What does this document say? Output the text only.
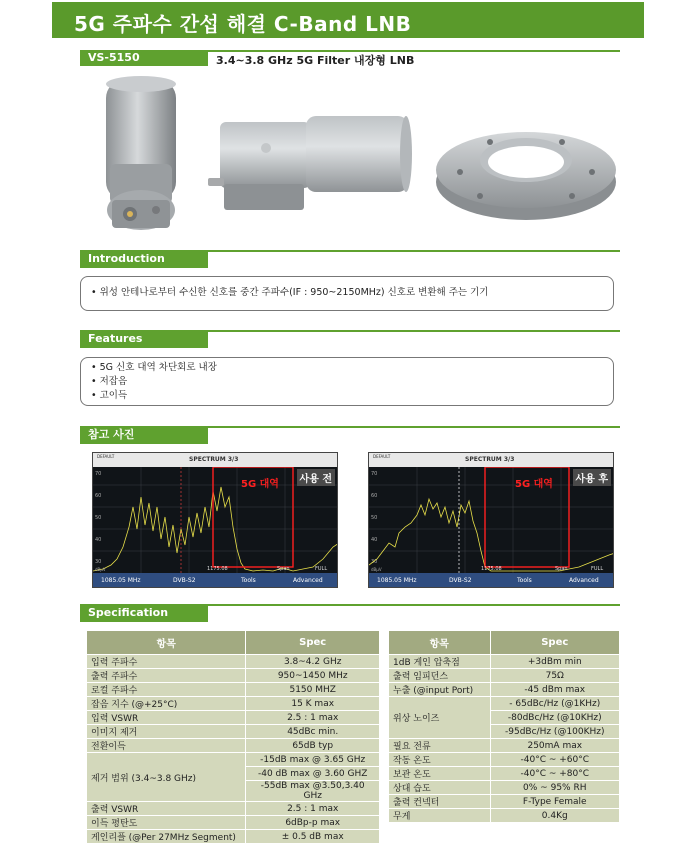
5G 주파수 간섭 해결 C-Band LNB
VS-5150	3.4~3.8 GHz 5G Filter 내장형 LNB
Introduction
• 위성 안테나로부터 수신한 신호를 중간 주파수(IF : 950~2150MHz) 신호로 변환해 주는 기기
Features
• 5G 신호 대역 차단회로 내장
• 저잡음
• 고이득
참고 사진
DEFAULT	SPECTRUM 3/3
70
60
50
40
30
Span	FULL
1175.08
dBμV
5G 대역	사용 전
1085.05 MHz	DVB-S2	Tools	Advanced
DEFAULT	SPECTRUM 3/3
70
60
50
40
30
Span	FULL
1175.08
dBμV
5G 대역	사용 후
1085.05 MHz	DVB-S2	Tools	Advanced
Specification
항목	Spec
입력 주파수	3.8~4.2 GHz
출력 주파수	950~1450 MHz
로컬 주파수	5150 MHZ
잡음 지수 (@+25°C)	15 K max
입력 VSWR	2.5 : 1 max
이미지 제거	45dBc min.
전환이득	65dB typ
제거 범위 (3.4~3.8 GHz)	-15dB max @ 3.65 GHz
	-40 dB max @ 3.60 GHZ
	-55dB max @3.50,3.40 GHz
출력 VSWR	2.5 : 1 max
이득 평탄도	6dBp-p max
게인리플 (@Per 27MHz Segment)	± 0.5 dB max
항목	Spec
1dB 게인 압축점	+3dBm min
출력 임피던스	75Ω
누출 (@input Port)	-45 dBm max
위상 노이즈	- 65dBc/Hz (@1KHz)
	-80dBc/Hz (@10KHz)
	-95dBc/Hz (@100KHz)
필요 전류	250mA max
작동 온도	-40°C ~ +60°C
보관 온도	-40°C ~ +80°C
상대 습도	0% ~ 95% RH
출력 컨넥터	F-Type Female
무게	0.4Kg
